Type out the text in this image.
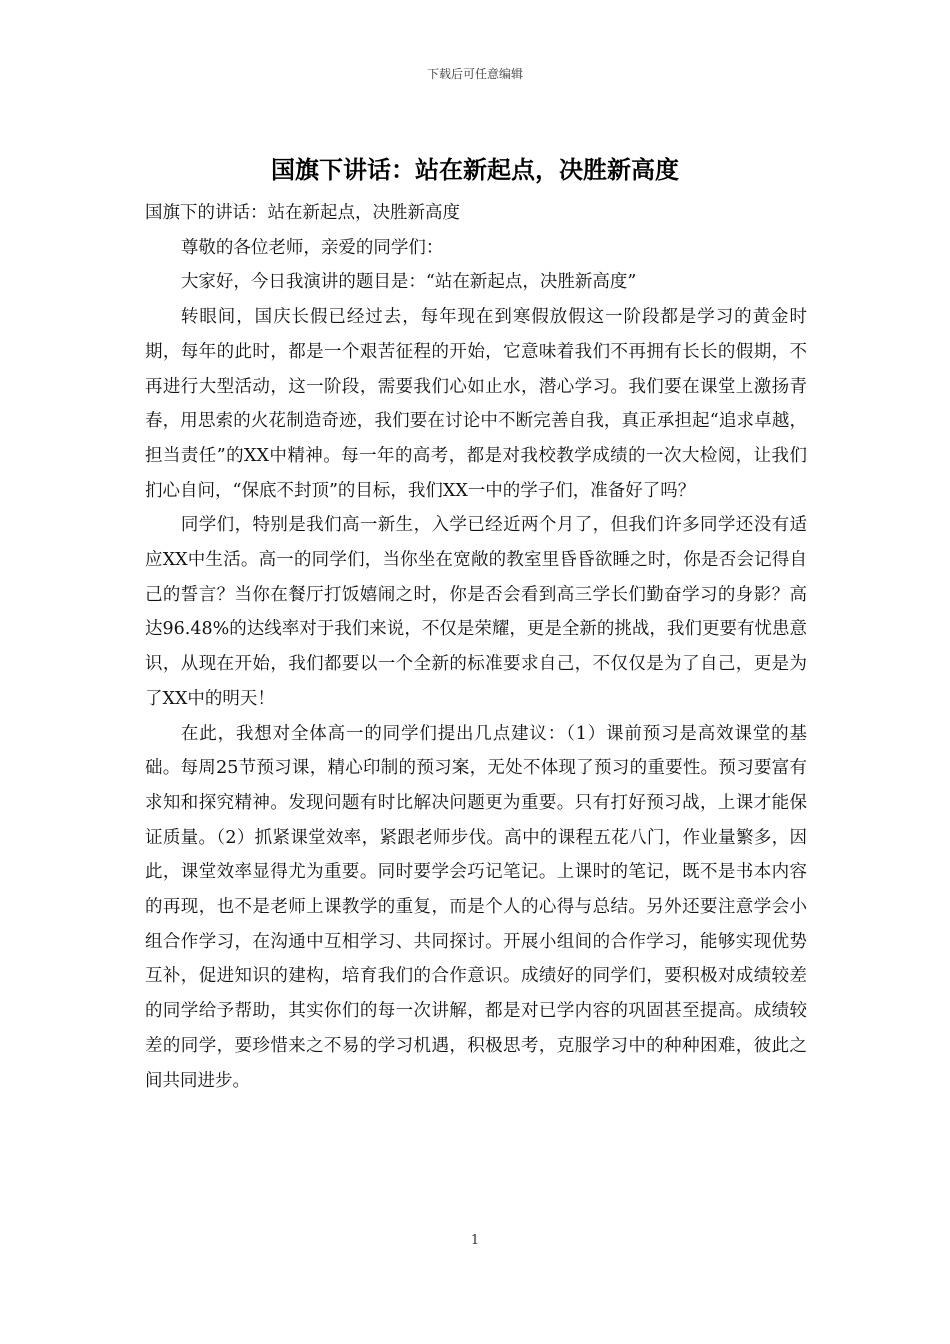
下载后可任意编辑
国旗下讲话：站在新起点，决胜新高度

国旗下的讲话：站在新起点，决胜新高度

尊敬的各位老师，亲爱的同学们：

大家好，今日我演讲的题目是：“站在新起点，决胜新高度”

转眼间，国庆长假已经过去，每年现在到寒假放假这一阶段都是学习的黄金时期，每年的此时，都是一个艰苦征程的开始，它意味着我们不再拥有长长的假期，不再进行大型活动，这一阶段，需要我们心如止水，潜心学习。我们要在课堂上激扬青春，用思索的火花制造奇迹，我们要在讨论中不断完善自我，真正承担起“追求卓越，担当责任”的XX中精神。每一年的高考，都是对我校教学成绩的一次大检阅，让我们扪心自问，“保底不封顶”的目标，我们XX一中的学子们，准备好了吗？

同学们，特别是我们高一新生，入学已经近两个月了，但我们许多同学还没有适应XX中生活。高一的同学们，当你坐在宽敞的教室里昏昏欲睡之时，你是否会记得自己的誓言？当你在餐厅打饭嬉闹之时，你是否会看到高三学长们勤奋学习的身影？高达96.48%的达线率对于我们来说，不仅是荣耀，更是全新的挑战，我们更要有忧患意识，从现在开始，我们都要以一个全新的标准要求自己，不仅仅是为了自己，更是为了XX中的明天！

在此，我想对全体高一的同学们提出几点建议：（1）课前预习是高效课堂的基础。每周25节预习课，精心印制的预习案，无处不体现了预习的重要性。预习要富有求知和探究精神。发现问题有时比解决问题更为重要。只有打好预习战，上课才能保证质量。（2）抓紧课堂效率，紧跟老师步伐。高中的课程五花八门，作业量繁多，因此，课堂效率显得尤为重要。同时要学会巧记笔记。上课时的笔记，既不是书本内容的再现，也不是老师上课教学的重复，而是个人的心得与总结。另外还要注意学会小组合作学习，在沟通中互相学习、共同探讨。开展小组间的合作学习，能够实现优势互补，促进知识的建构，培育我们的合作意识。成绩好的同学们，要积极对成绩较差的同学给予帮助，其实你们的每一次讲解，都是对已学内容的巩固甚至提高。成绩较差的同学，要珍惜来之不易的学习机遇，积极思考，克服学习中的种种困难，彼此之间共同进步。

1
